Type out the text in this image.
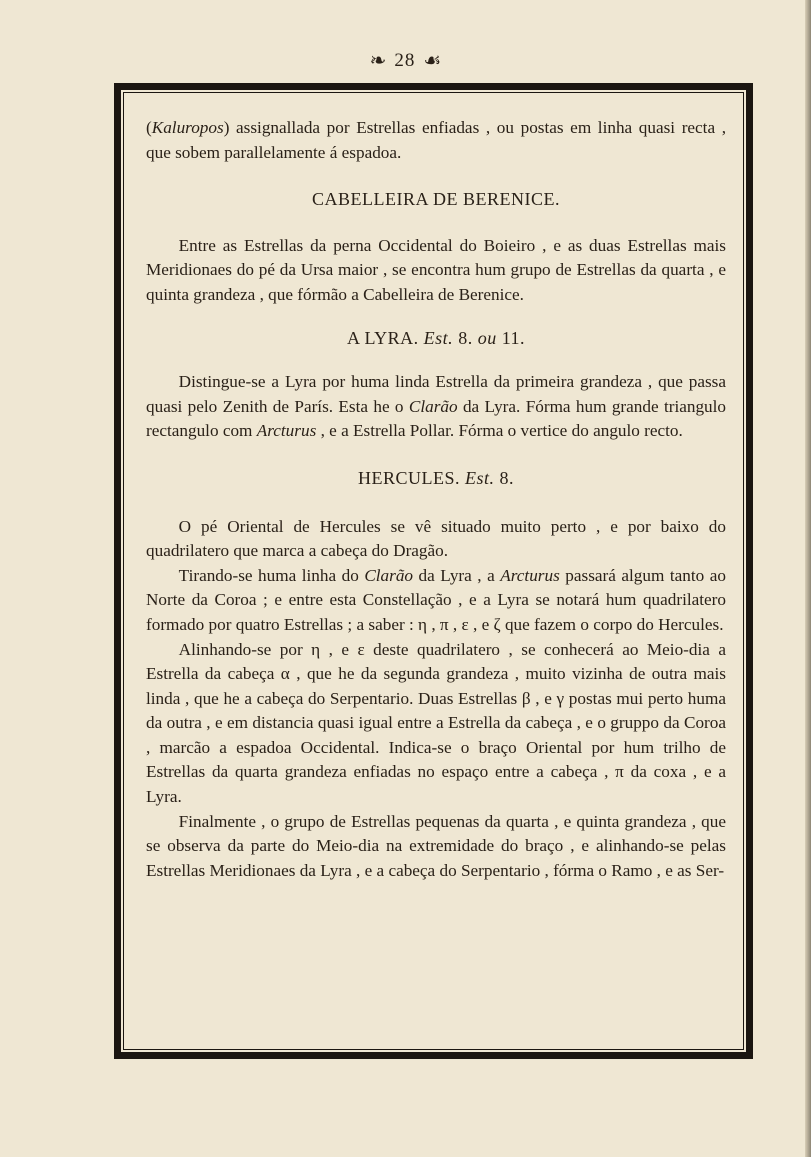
❧ 28 ☙

(Kaluropos) assignallada por Estrellas enfiadas , ou postas em linha quasi recta , que sobem parallelamente á espadoa.

CABELLEIRA DE BERENICE.

Entre as Estrellas da perna Occidental do Boieiro , e as duas Estrellas mais Meridionaes do pé da Ursa maior , se encontra hum grupo de Estrellas da quarta , e quinta grandeza , que fórmão a Cabelleira de Berenice.

A LYRA. Est. 8. ou 11.

Distingue-se a Lyra por huma linda Estrella da primeira grandeza , que passa quasi pelo Zenith de París. Esta he o Clarão da Lyra. Fórma hum grande triangulo rectangulo com Arcturus , e a Estrella Pollar. Fórma o vertice do angulo recto.

HERCULES. Est. 8.

O pé Oriental de Hercules se vê situado muito perto , e por baixo do quadrilatero que marca a cabeça do Dragão.

Tirando-se huma linha do Clarão da Lyra , a Arcturus passará algum tanto ao Norte da Coroa ; e entre esta Constellação , e a Lyra se notará hum quadrilatero formado por quatro Estrellas ; a saber : η , π , ε , e ζ que fazem o corpo do Hercules.

Alinhando-se por η , e ε deste quadrilatero , se conhecerá ao Meio-dia a Estrella da cabeça α , que he da segunda grandeza , muito vizinha de outra mais linda , que he a cabeça do Serpentario. Duas Estrellas β , e γ postas mui perto huma da outra , e em distancia quasi igual entre a Estrella da cabeça , e o gruppo da Coroa , marcão a espadoa Occidental. Indica-se o braço Oriental por hum trilho de Estrellas da quarta grandeza enfiadas no espaço entre a cabeça , π da coxa , e a Lyra.

Finalmente , o grupo de Estrellas pequenas da quarta , e quinta grandeza , que se observa da parte do Meio-dia na extremidade do braço , e alinhando-se pelas Estrellas Meridionaes da Lyra , e a cabeça do Serpentario , fórma o Ramo , e as Ser-
